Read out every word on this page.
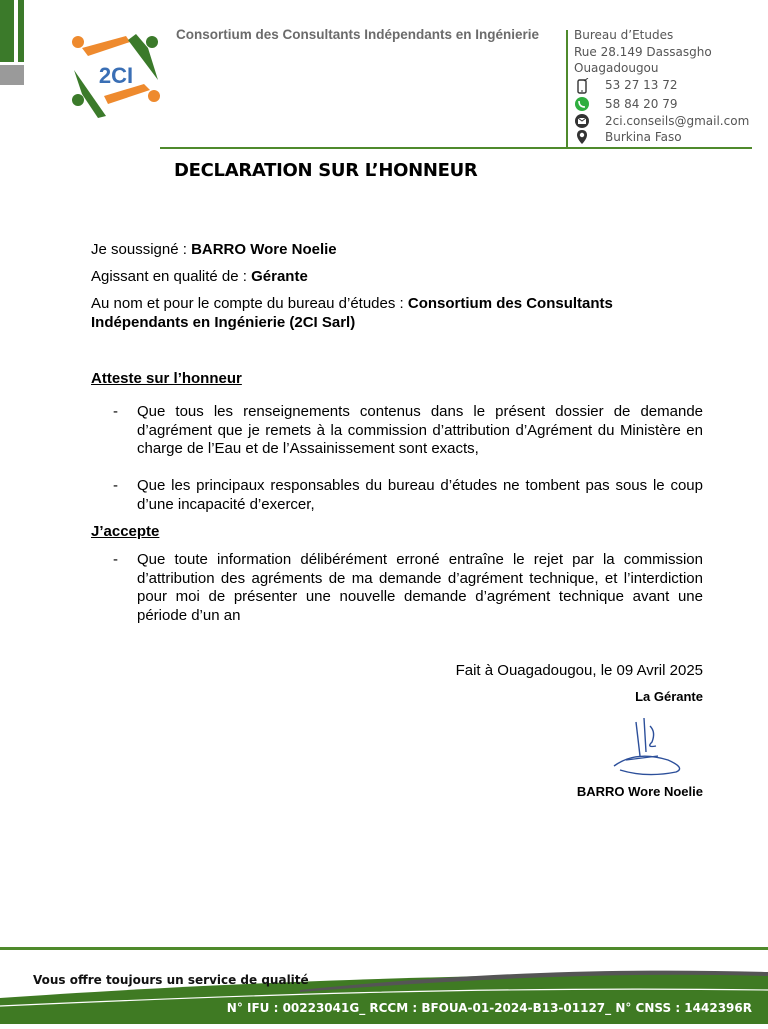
2CI
Consortium des Consultants Indépendants en Ingénierie	Bureau d’Etudes
Rue 28.149 Dassasgho
Ouagadougou
53 27 13 72
58 84 20 79
2ci.conseils@gmail.com
Burkina Faso
DECLARATION SUR L’HONNEUR
Je soussigné : BARRO Wore Noelie
Agissant en qualité de : Gérante
Au nom et pour le compte du bureau d’études : Consortium des Consultants
Indépendants en Ingénierie (2CI Sarl)
Atteste sur l’honneur
- Que tous les renseignements contenus dans le présent dossier de demande d’agrément que je remets à la commission d’attribution d’Agrément du Ministère en charge de l’Eau et de l’Assainissement sont exacts,
- Que les principaux responsables du bureau d’études ne tombent pas sous le coup d’une incapacité d’exercer,
J’accepte
- Que toute information délibérément erroné entraîne le rejet par la commission d’attribution des agréments de ma demande d’agrément technique, et l’interdiction pour moi de présenter une nouvelle demande d’agrément technique avant une période d’un an
Fait à Ouagadougou, le 09 Avril 2025
La Gérante
BARRO Wore Noelie
Vous offre toujours un service de qualité
N° IFU : 00223041G_ RCCM : BFOUA-01-2024-B13-01127_ N° CNSS : 1442396R
